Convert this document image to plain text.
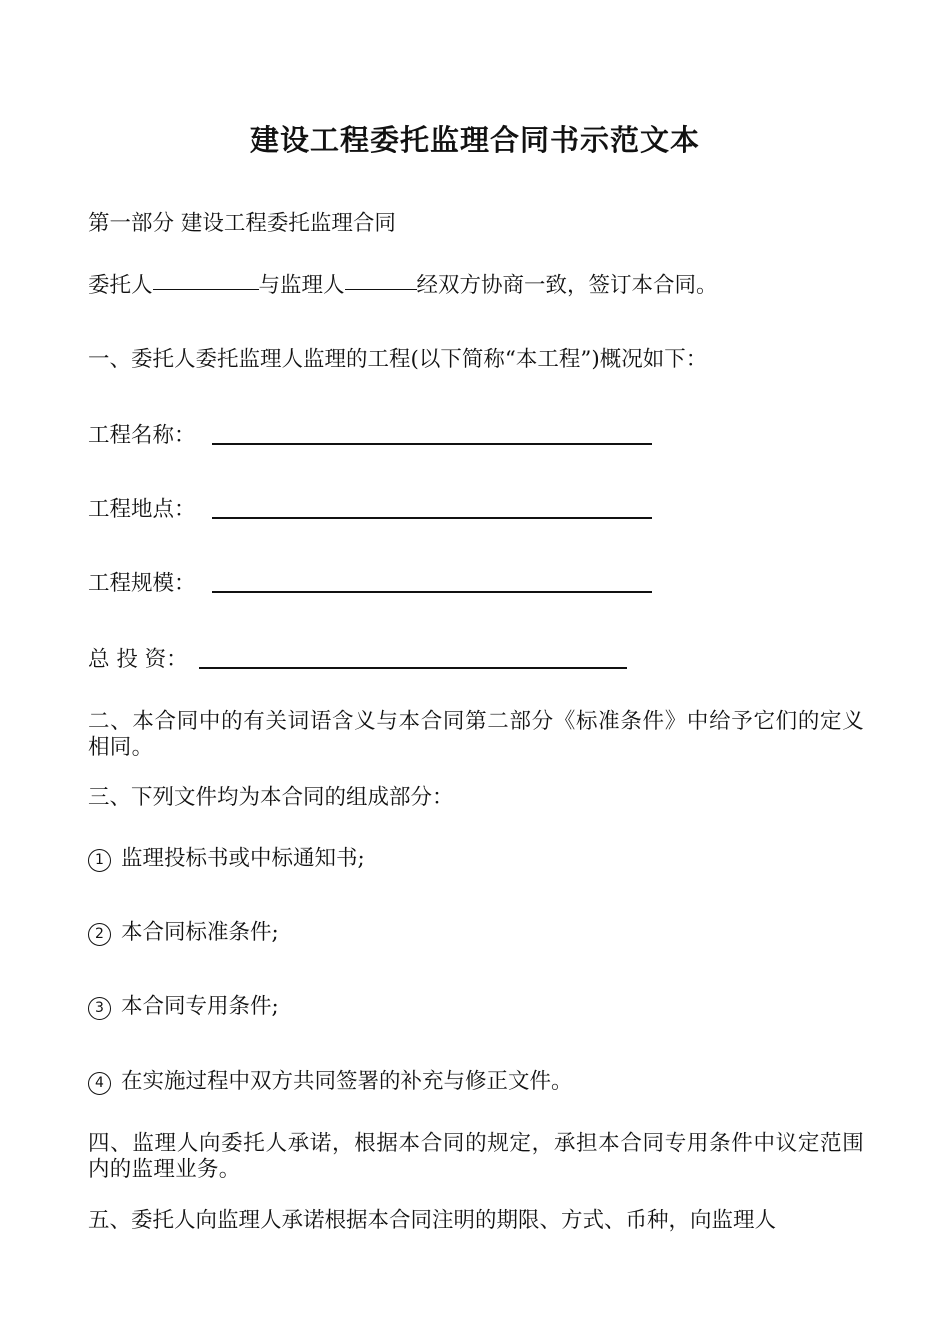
建设工程委托监理合同书示范文本
第一部分 建设工程委托监理合同
委托人	与监理人	经双方协商一致，签订本合同。
一、委托人委托监理人监理的工程(以下简称“本工程”)概况如下：
工程名称：
工程地点：
工程规模：
总 投 资：
二、本合同中的有关词语含义与本合同第二部分《标准条件》中给予它们的定义相同。
三、下列文件均为本合同的组成部分：
1 监理投标书或中标通知书;
2 本合同标准条件;
3 本合同专用条件;
4 在实施过程中双方共同签署的补充与修正文件。
四、监理人向委托人承诺，根据本合同的规定，承担本合同专用条件中议定范围内的监理业务。
五、委托人向监理人承诺根据本合同注明的期限、方式、币种，向监理人
